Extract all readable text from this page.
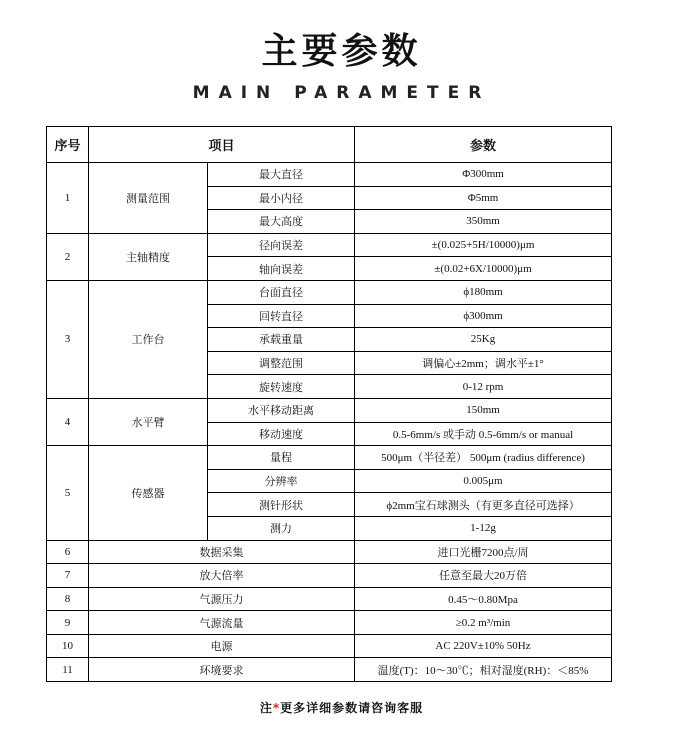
主要参数
MAIN PARAMETER
序号	项目		参数
1	测量范围	最大直径	Φ300mm
		最小内径	Φ5mm
		最大高度	350mm
2	主轴精度	径向误差	±(0.025+5H/10000)μm
		轴向误差	±(0.02+6X/10000)μm
3	工作台	台面直径	ϕ180mm
		回转直径	ϕ300mm
		承载重量	25Kg
		调整范围	调偏心±2mm；调水平±1°
		旋转速度	0-12 rpm
4	水平臂	水平移动距离	150mm
		移动速度	0.5-6mm/s 或手动 0.5-6mm/s or manual
5	传感器	量程	500μm（半径差） 500μm (radius difference)
		分辨率	0.005μm
		测针形状	ϕ2mm宝石球测头（有更多直径可选择）
		测力	1-12g
6	数据采集		进口光栅7200点/周
7	放大倍率		任意至最大20万倍
8	气源压力		0.45～0.80Mpa
9	气源流量		≥0.2 m³/min
10	电源		AC 220V±10% 50Hz
11	环境要求		温度(T)：10～30℃；相对湿度(RH)：＜85%
注*更多详细参数请咨询客服
